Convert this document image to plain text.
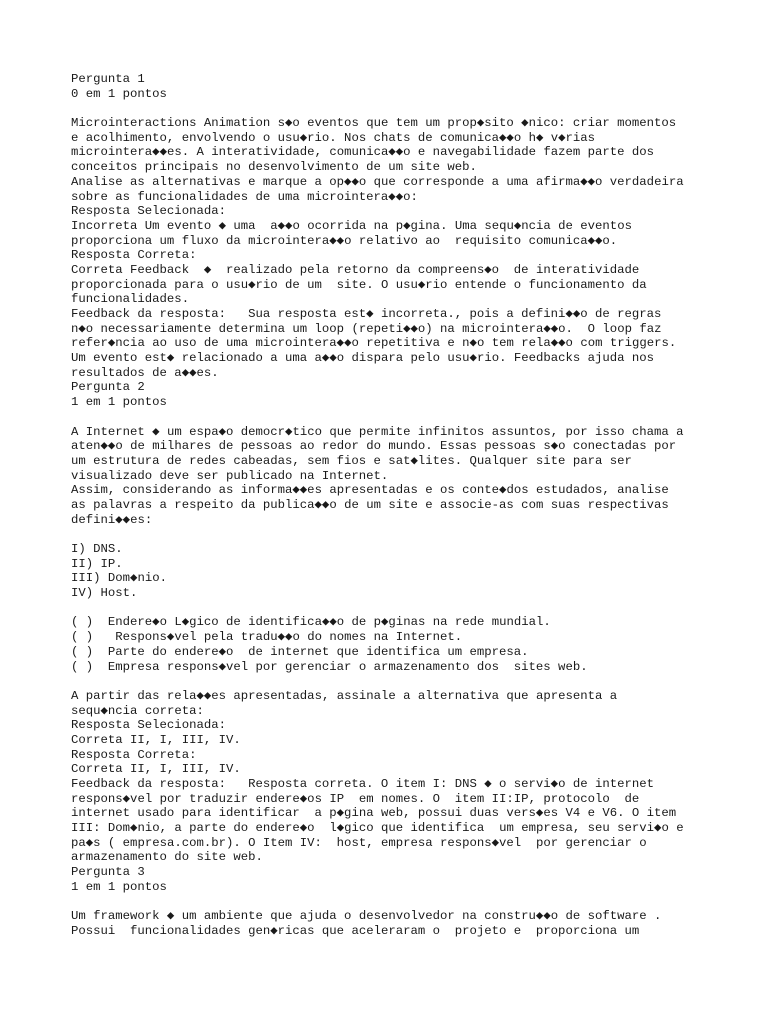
Pergunta 1
0 em 1 pontos
Microinteractions Animation s◆o eventos que tem um prop◆sito ◆nico: criar momentos
e acolhimento, envolvendo o usu◆rio. Nos chats de comunica◆◆o h◆ v◆rias
microintera◆◆es. A interatividade, comunica◆◆o e navegabilidade fazem parte dos
conceitos principais no desenvolvimento de um site web.
Analise as alternativas e marque a op◆◆o que corresponde a uma afirma◆◆o verdadeira
sobre as funcionalidades de uma microintera◆◆o:
Resposta Selecionada:
Incorreta Um evento ◆ uma  a◆◆o ocorrida na p◆gina. Uma sequ◆ncia de eventos
proporciona um fluxo da microintera◆◆o relativo ao  requisito comunica◆◆o.
Resposta Correta:
Correta Feedback  ◆  realizado pela retorno da compreens◆o  de interatividade
proporcionada para o usu◆rio de um  site. O usu◆rio entende o funcionamento da
funcionalidades.
Feedback da resposta:   Sua resposta est◆ incorreta., pois a defini◆◆o de regras
n◆o necessariamente determina um loop (repeti◆◆o) na microintera◆◆o.  O loop faz
refer◆ncia ao uso de uma microintera◆◆o repetitiva e n◆o tem rela◆◆o com triggers.
Um evento est◆ relacionado a uma a◆◆o dispara pelo usu◆rio. Feedbacks ajuda nos
resultados de a◆◆es.
Pergunta 2
1 em 1 pontos
A Internet ◆ um espa◆o democr◆tico que permite infinitos assuntos, por isso chama a
aten◆◆o de milhares de pessoas ao redor do mundo. Essas pessoas s◆o conectadas por
um estrutura de redes cabeadas, sem fios e sat◆lites. Qualquer site para ser
visualizado deve ser publicado na Internet.
Assim, considerando as informa◆◆es apresentadas e os conte◆dos estudados, analise
as palavras a respeito da publica◆◆o de um site e associe-as com suas respectivas
defini◆◆es:
I) DNS.
II) IP.
III) Dom◆nio.
IV) Host.
( )  Endere◆o L◆gico de identifica◆◆o de p◆ginas na rede mundial.
( )   Respons◆vel pela tradu◆◆o do nomes na Internet.
( )  Parte do endere◆o  de internet que identifica um empresa.
( )  Empresa respons◆vel por gerenciar o armazenamento dos  sites web.
A partir das rela◆◆es apresentadas, assinale a alternativa que apresenta a
sequ◆ncia correta:
Resposta Selecionada:
Correta II, I, III, IV.
Resposta Correta:
Correta II, I, III, IV.
Feedback da resposta:   Resposta correta. O item I: DNS ◆ o servi◆o de internet
respons◆vel por traduzir endere◆os IP  em nomes. O  item II:IP, protocolo  de
internet usado para identificar  a p◆gina web, possui duas vers◆es V4 e V6. O item
III: Dom◆nio, a parte do endere◆o  l◆gico que identifica  um empresa, seu servi◆o e
pa◆s ( empresa.com.br). O Item IV:  host, empresa respons◆vel  por gerenciar o
armazenamento do site web.
Pergunta 3
1 em 1 pontos
Um framework ◆ um ambiente que ajuda o desenvolvedor na constru◆◆o de software .
Possui  funcionalidades gen◆ricas que aceleraram o  projeto e  proporciona um
